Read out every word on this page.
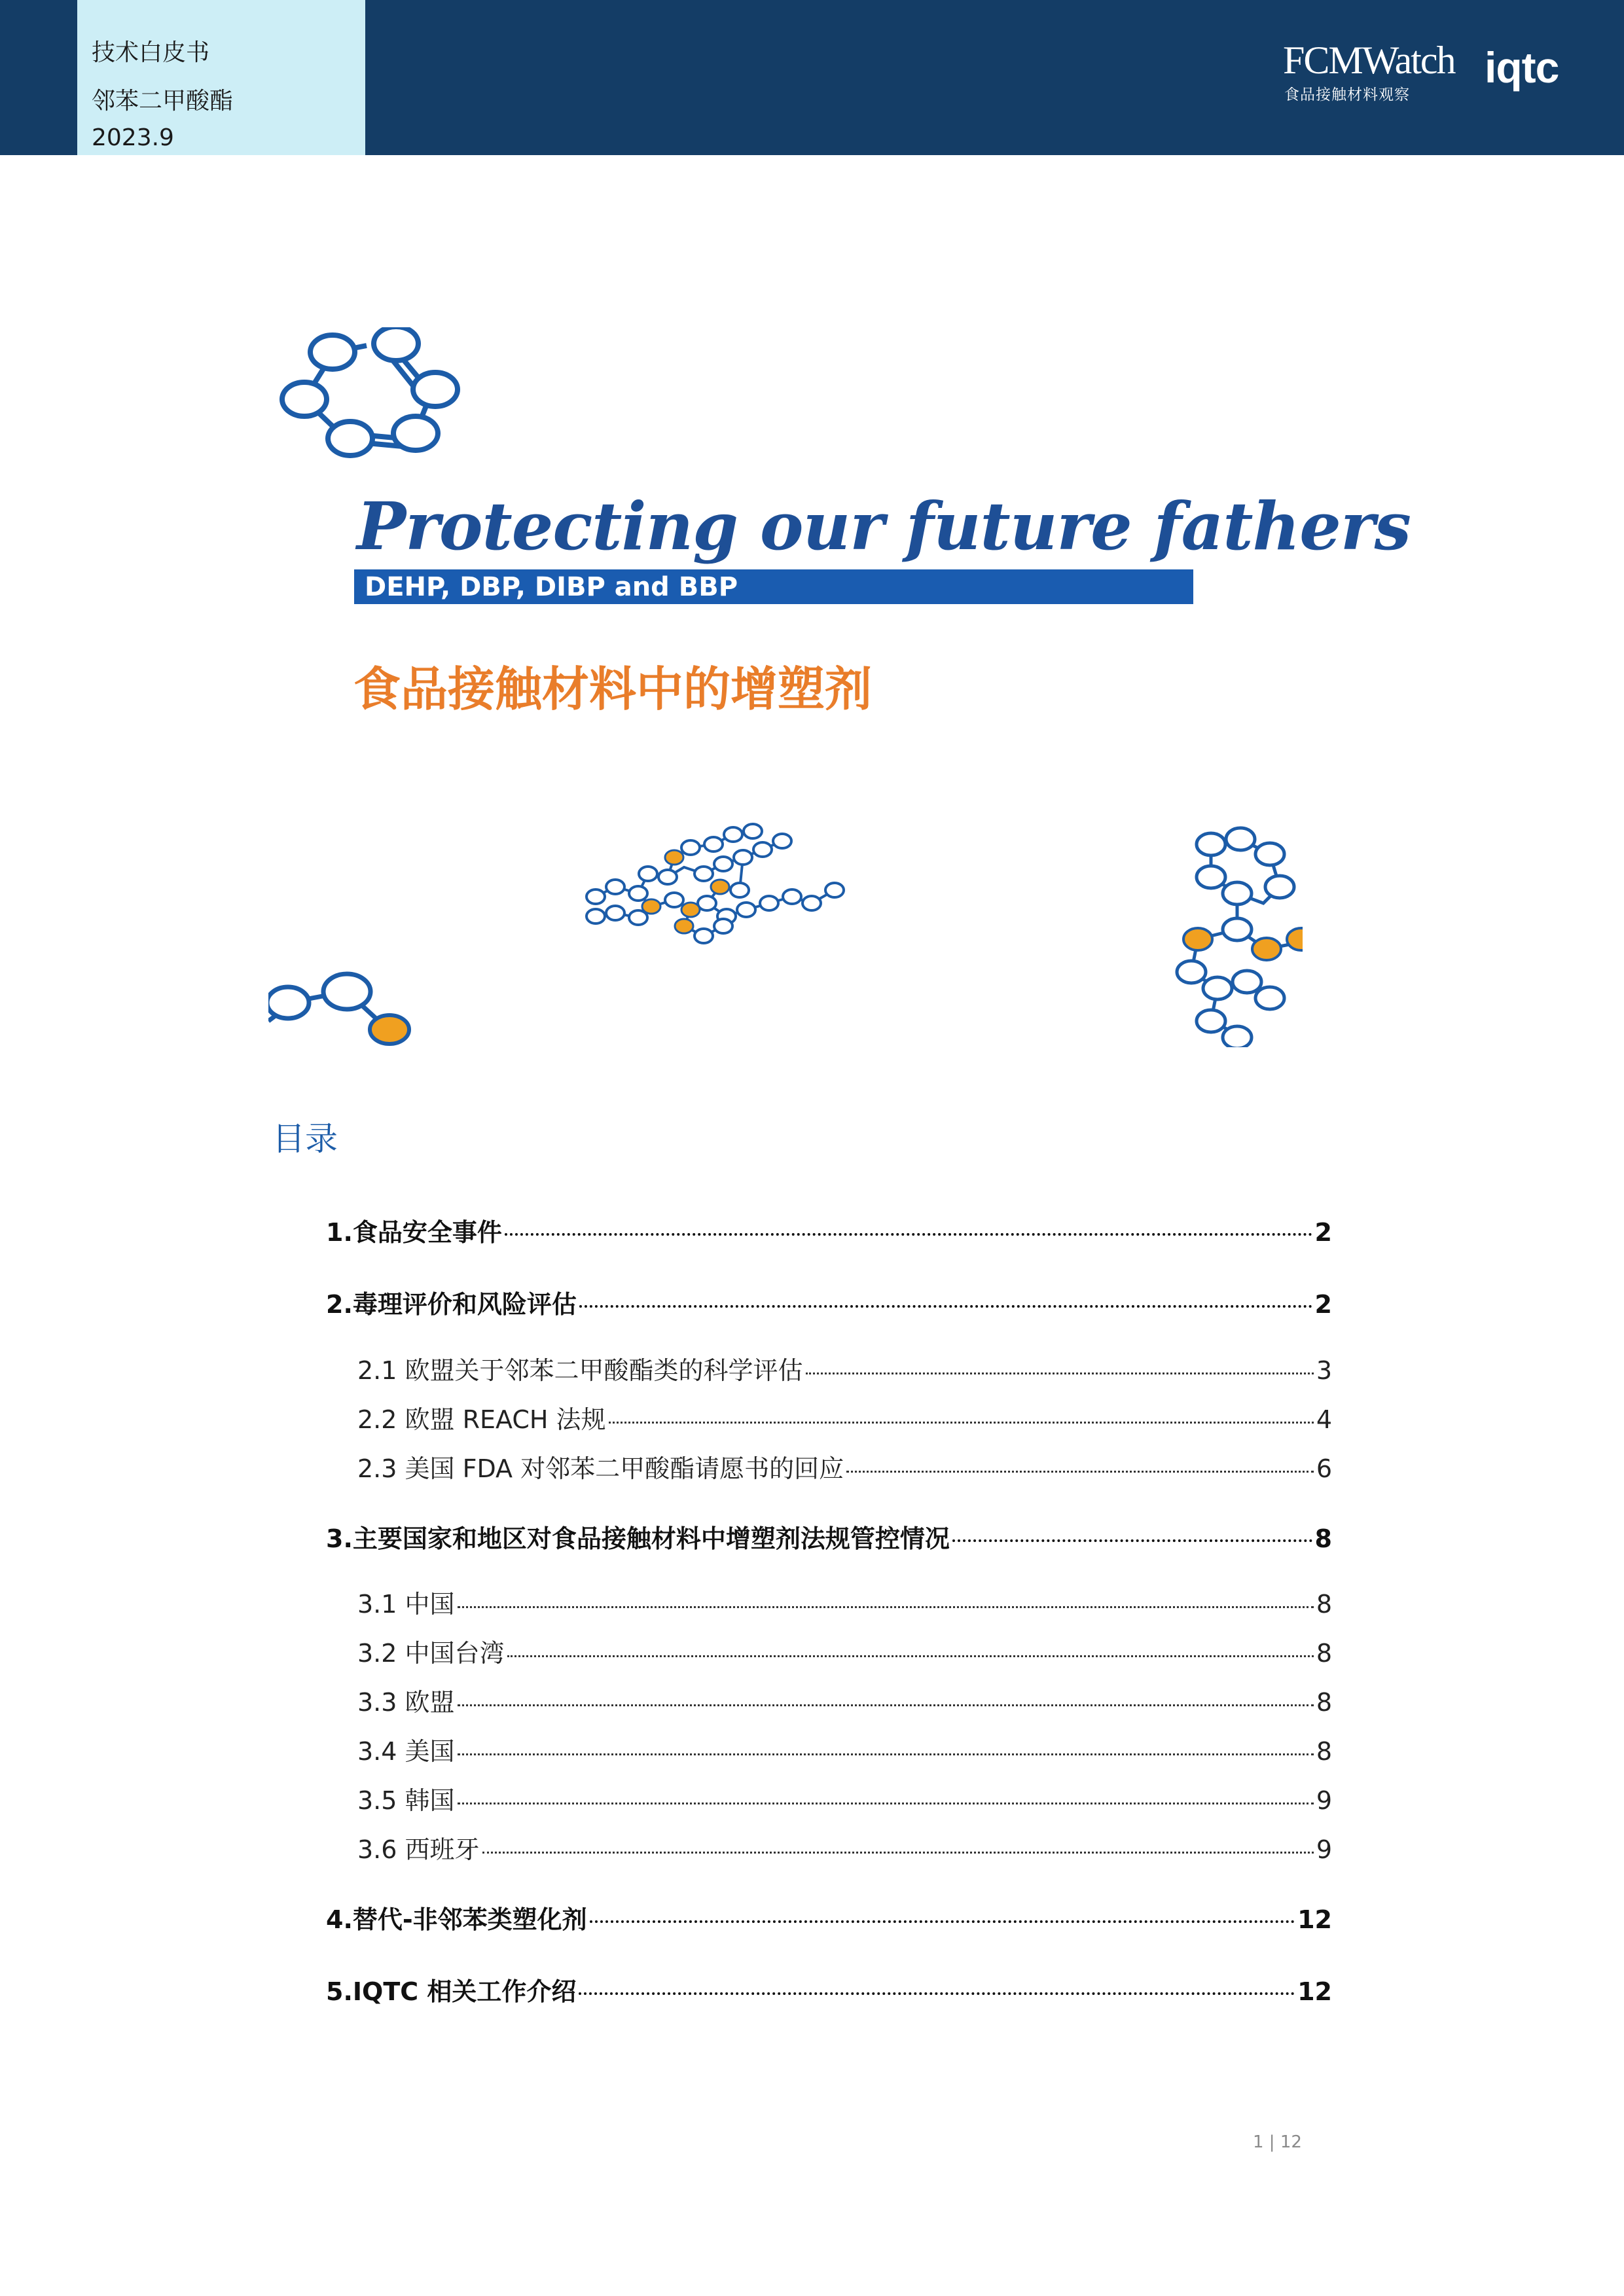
技术白皮书
邻苯二甲酸酯
2023.9
FCMWatch
食品接触材料观察
iqtc
Protecting our future fathers
DEHP, DBP, DIBP and BBP
食品接触材料中的增塑剂
目录
1.食品安全事件	2
2.毒理评价和风险评估	2
2.1 欧盟关于邻苯二甲酸酯类的科学评估	3
2.2 欧盟 REACH 法规	4
2.3 美国 FDA 对邻苯二甲酸酯请愿书的回应	6
3.主要国家和地区对食品接触材料中增塑剂法规管控情况	8
3.1 中国	8
3.2 中国台湾	8
3.3 欧盟	8
3.4 美国	8
3.5 韩国	9
3.6 西班牙	9
4.替代-非邻苯类塑化剂	12
5.IQTC 相关工作介绍	12
1 | 12
